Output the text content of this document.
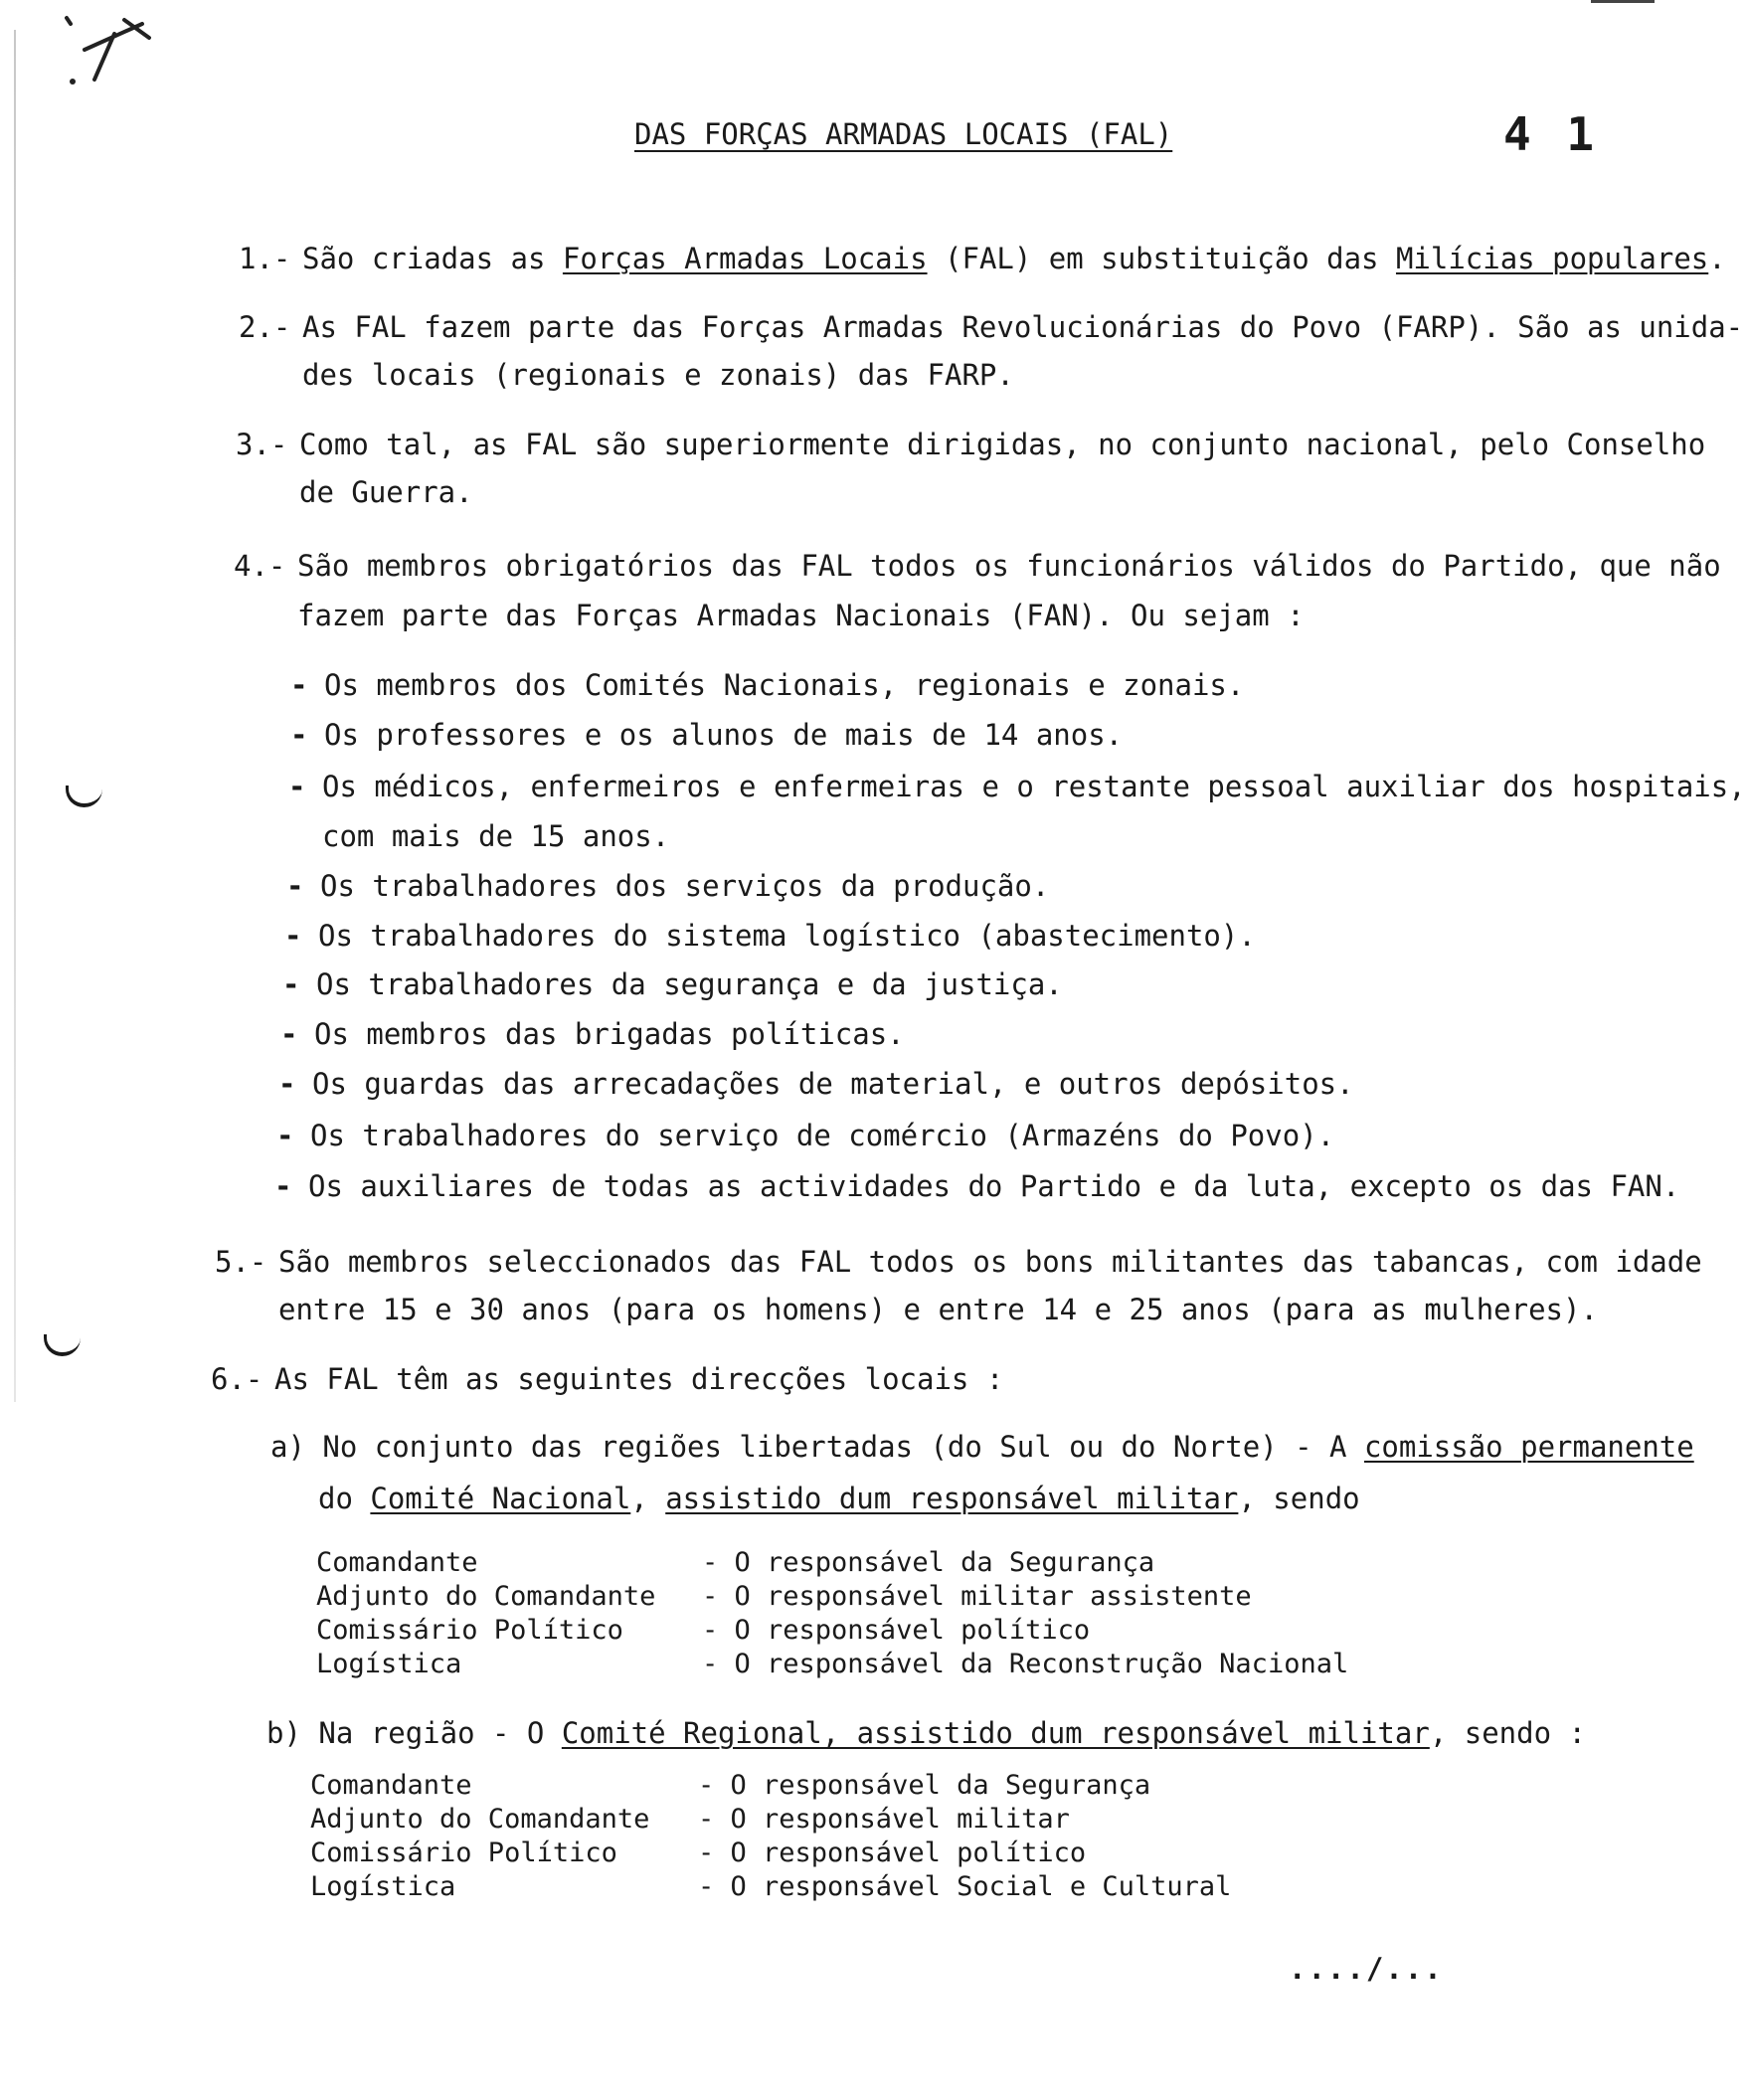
DAS FORÇAS ARMADAS LOCAIS (FAL)	4 1
1.- São criadas as Forças Armadas Locais (FAL) em substituição das Milícias populares.
2.- As FAL fazem parte das Forças Armadas Revolucionárias do Povo (FARP). São as unida-
des locais (regionais e zonais) das FARP.
3.- Como tal, as FAL são superiormente dirigidas, no conjunto nacional, pelo Conselho
de Guerra.
4.- São membros obrigatórios das FAL todos os funcionários válidos do Partido, que não
fazem parte das Forças Armadas Nacionais (FAN). Ou sejam :
- Os membros dos Comités Nacionais, regionais e zonais.
- Os professores e os alunos de mais de 14 anos.
- Os médicos, enfermeiros e enfermeiras e o restante pessoal auxiliar dos hospitais,
com mais de 15 anos.
- Os trabalhadores dos serviços da produção.
- Os trabalhadores do sistema logístico (abastecimento).
- Os trabalhadores da segurança e da justiça.
- Os membros das brigadas políticas.
- Os guardas das arrecadações de material, e outros depósitos.
- Os trabalhadores do serviço de comércio (Armazéns do Povo).
- Os auxiliares de todas as actividades do Partido e da luta, excepto os das FAN.
5.- São membros seleccionados das FAL todos os bons militantes das tabancas, com idade
entre 15 e 30 anos (para os homens) e entre 14 e 25 anos (para as mulheres).
6.- As FAL têm as seguintes direcções locais :
a) No conjunto das regiões libertadas (do Sul ou do Norte) - A comissão permanente
do Comité Nacional, assistido dum responsável militar, sendo
Comandante	- O responsável da Segurança
Adjunto do Comandante - O responsável militar assistente
Comissário Político	- O responsável político
Logística	- O responsável da Reconstrução Nacional
b) Na região - O Comité Regional, assistido dum responsável militar, sendo :
Comandante	- O responsável da Segurança
Adjunto do Comandante - O responsável militar
Comissário Político	- O responsável político
Logística	- O responsável Social e Cultural
..../...
